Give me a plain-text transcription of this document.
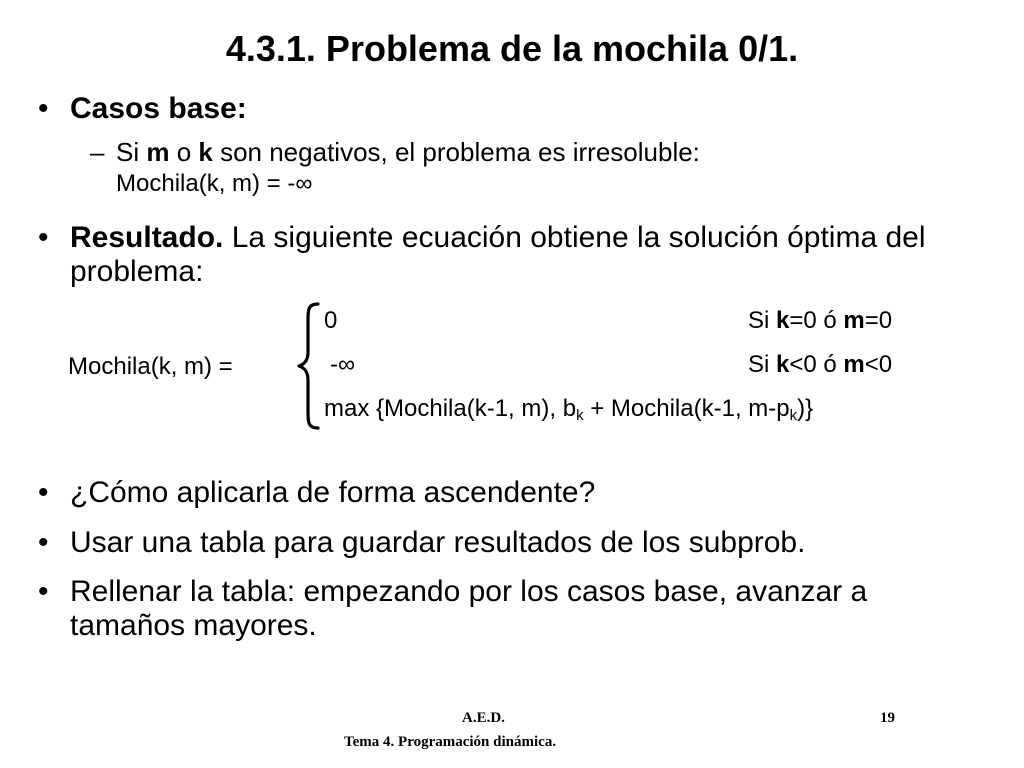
4.3.1. Problema de la mochila 0/1.
• Casos base:
– Si m o k son negativos, el problema es irresoluble:
Mochila(k, m) = -∞
• Resultado. La siguiente ecuación obtiene la solución óptima del problema:
Mochila(k, m) =
0	Si k=0 ó m=0
-∞	Si k<0 ó m<0
max {Mochila(k-1, m), $b_k$ + Mochila(k-1, $m-p_k$)}
• ¿Cómo aplicarla de forma ascendente?
• Usar una tabla para guardar resultados de los subprob.
• Rellenar la tabla: empezando por los casos base, avanzar a tamaños mayores.
A.E.D.	19
Tema 4. Programación dinámica.
